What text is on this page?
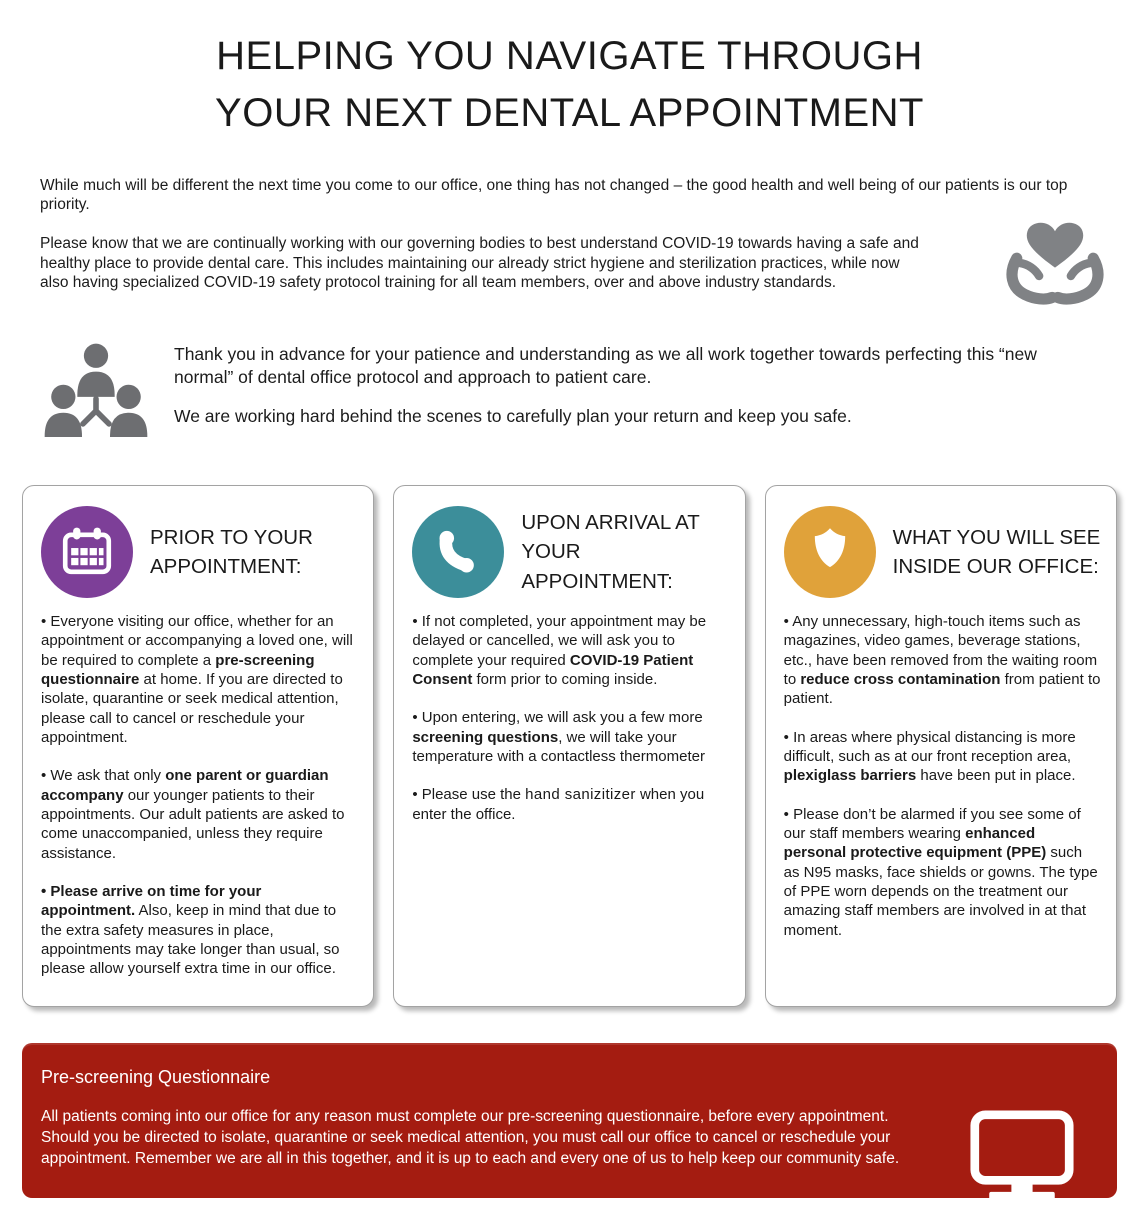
HELPING YOU NAVIGATE THROUGH
YOUR NEXT DENTAL APPOINTMENT

While much will be different the next time you come to our office, one thing has not changed – the good health and well being of our patients is our top priority.

Please know that we are continually working with our governing bodies to best understand COVID-19 towards having a safe and healthy place to provide dental care. This includes maintaining our already strict hygiene and sterilization practices, while now also having specialized COVID-19 safety protocol training for all team members, over and above industry standards.

Thank you in advance for your patience and understanding as we all work together towards perfecting this “new normal” of dental office protocol and approach to patient care.

We are working hard behind the scenes to carefully plan your return and keep you safe.

PRIOR TO YOUR APPOINTMENT:

• Everyone visiting our office, whether for an appointment or accompanying a loved one, will be required to complete a pre-screening questionnaire at home. If you are directed to isolate, quarantine or seek medical attention, please call to cancel or reschedule your appointment.

• We ask that only one parent or guardian accompany our younger patients to their appointments. Our adult patients are asked to come unaccompanied, unless they require assistance.

• Please arrive on time for your appointment. Also, keep in mind that due to the extra safety measures in place, appointments may take longer than usual, so please allow yourself extra time in our office.

UPON ARRIVAL AT YOUR APPOINTMENT:

• If not completed, your appointment may be delayed or cancelled, we will ask you to complete your required COVID-19 Patient Consent form prior to coming inside.

• Upon entering, we will ask you a few more screening questions, we will take your temperature with a contactless thermometer

• Please use the hand sanizitizer when you enter the office.

WHAT YOU WILL SEE INSIDE OUR OFFICE:

• Any unnecessary, high-touch items such as magazines, video games, beverage stations, etc., have been removed from the waiting room to reduce cross contamination from patient to patient.

• In areas where physical distancing is more difficult, such as at our front reception area, plexiglass barriers have been put in place.

• Please don’t be alarmed if you see some of our staff members wearing enhanced personal protective equipment (PPE) such as N95 masks, face shields or gowns. The type of PPE worn depends on the treatment our amazing staff members are involved in at that moment.

Pre-screening Questionnaire

All patients coming into our office for any reason must complete our pre-screening questionnaire, before every appointment. Should you be directed to isolate, quarantine or seek medical attention, you must call our office to cancel or reschedule your appointment. Remember we are all in this together, and it is up to each and every one of us to help keep our community safe.
